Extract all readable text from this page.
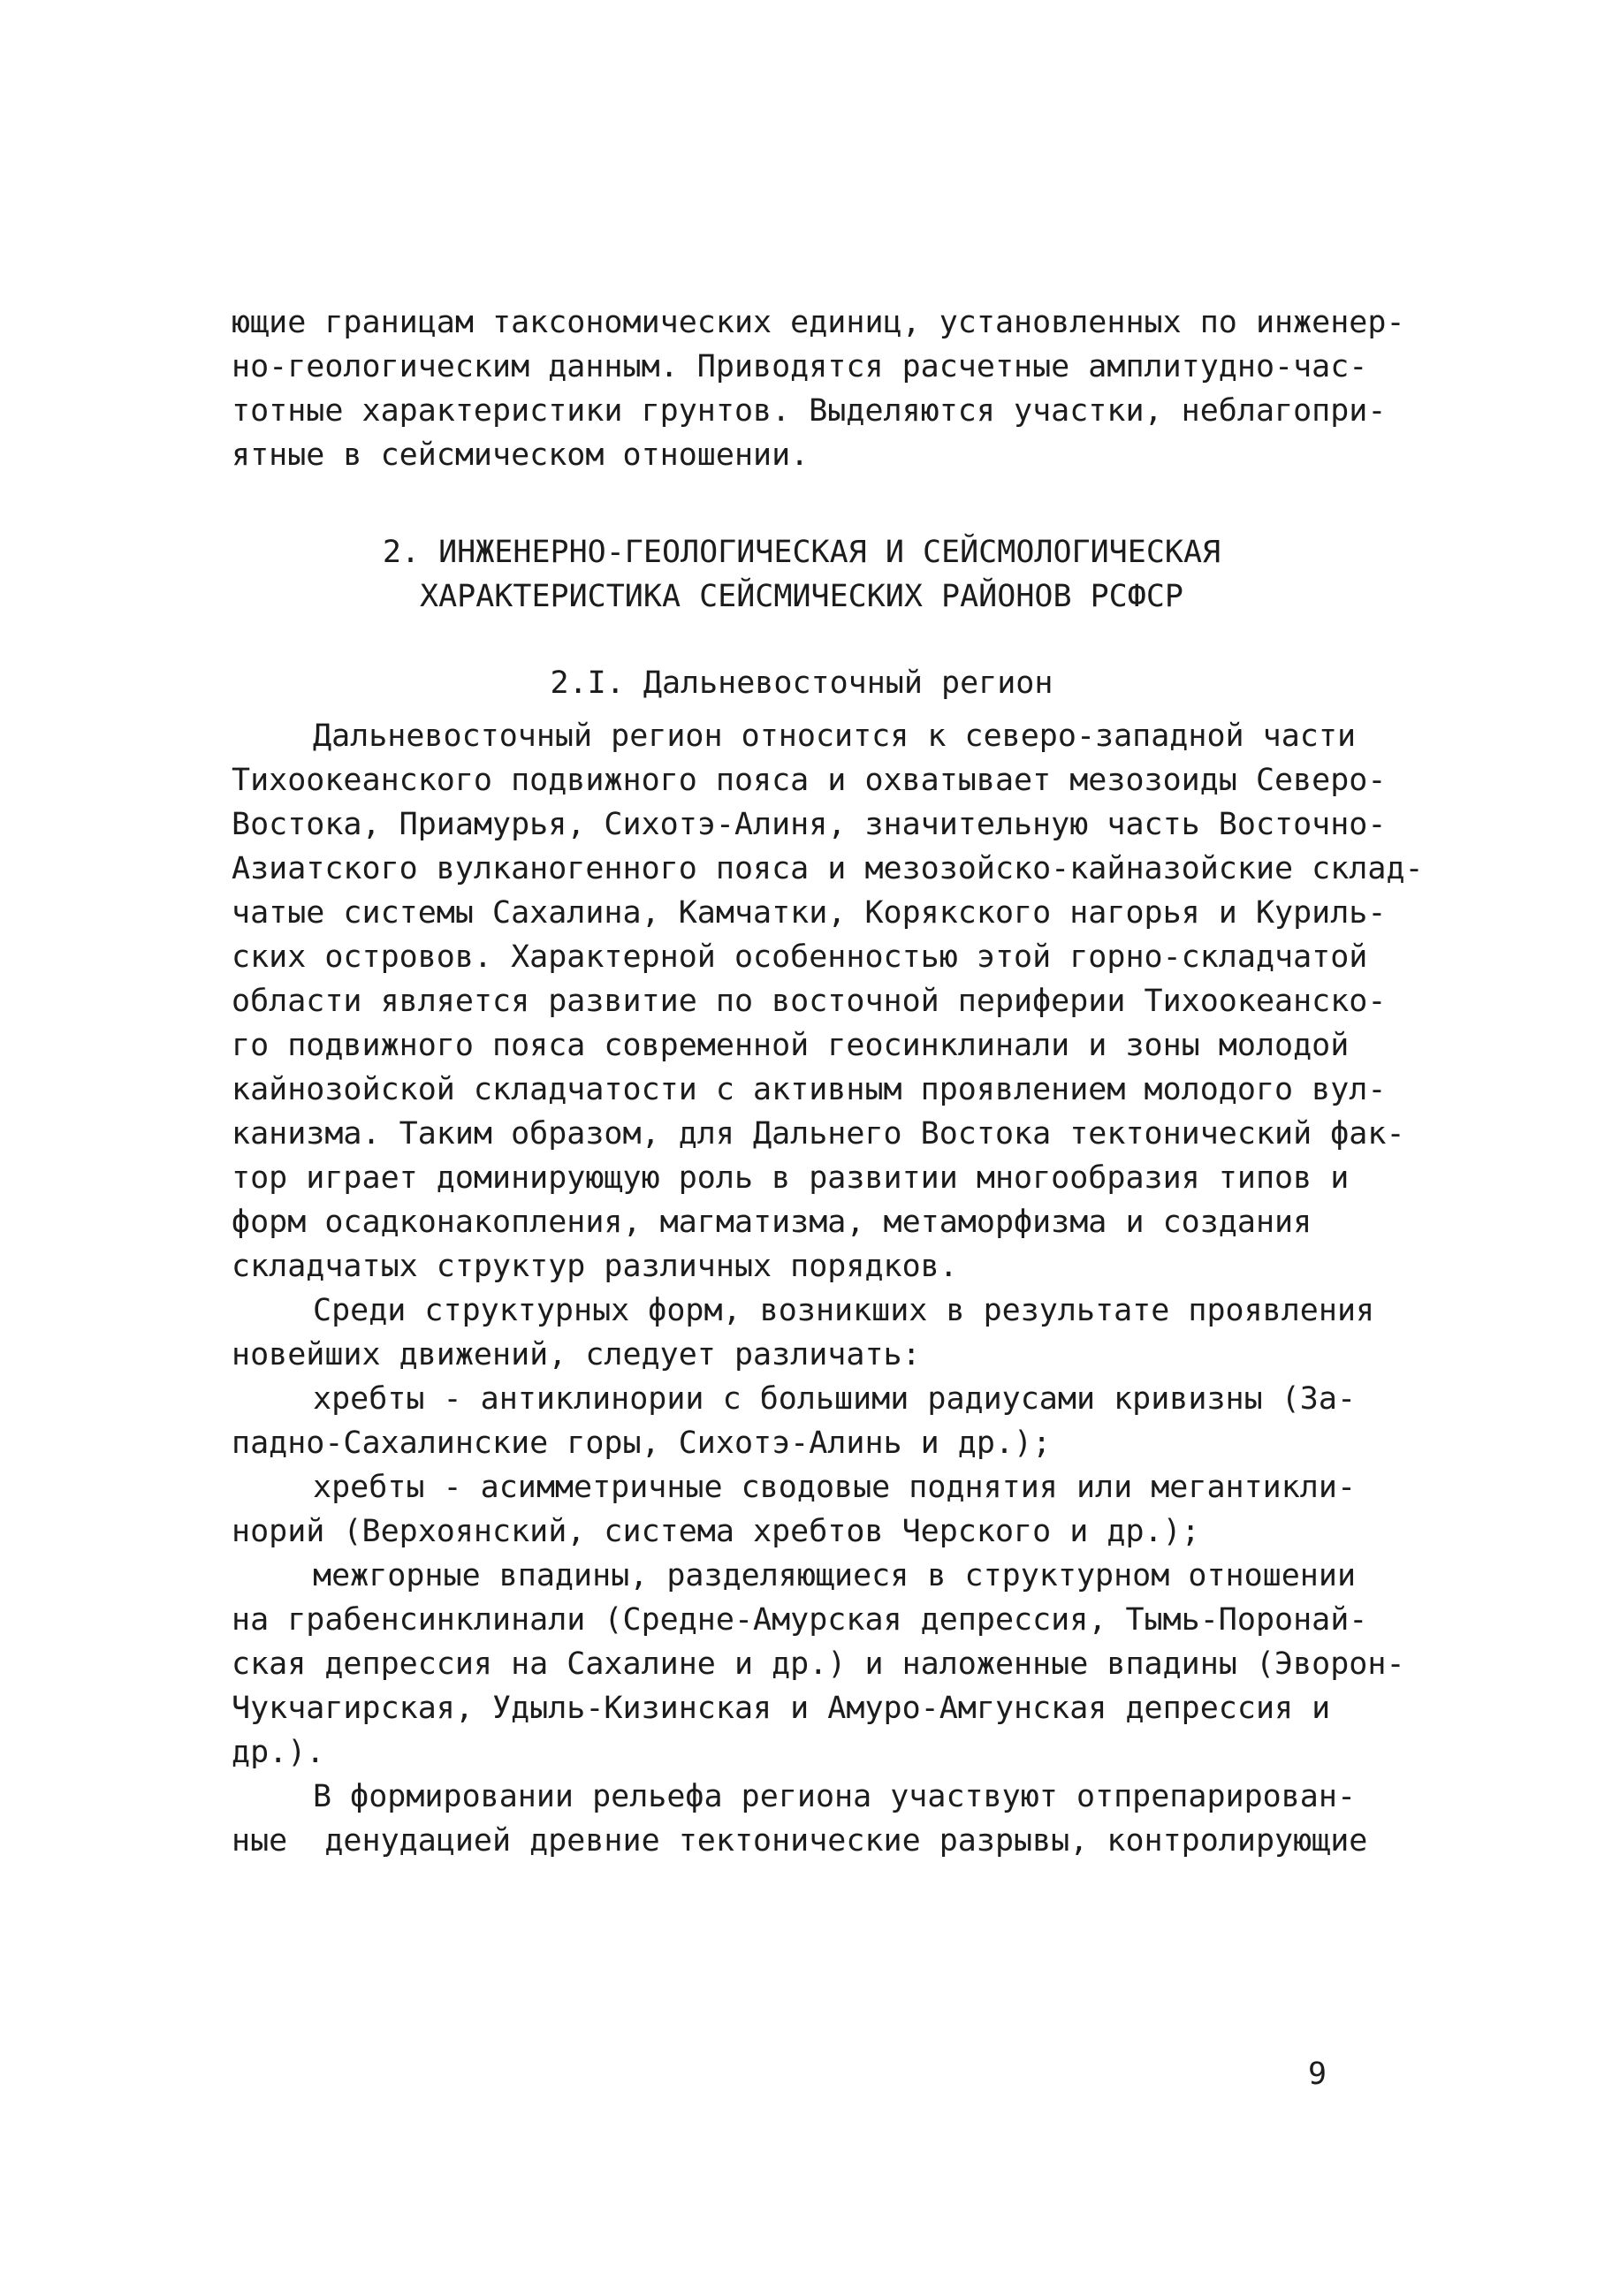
ющие границам таксономических единиц, установленных по инженер-
но-геологическим данным. Приводятся расчетные амплитудно-час-
тотные характеристики грунтов. Выделяются участки, неблагопри-
ятные в сейсмическом отношении.
2. ИНЖЕНЕРНО-ГЕОЛОГИЧЕСКАЯ И СЕЙСМОЛОГИЧЕСКАЯ
ХАРАКТЕРИСТИКА СЕЙСМИЧЕСКИХ РАЙОНОВ РСФСР
2.I. Дальневосточный регион
Дальневосточный регион относится к северо-западной части
Тихоокеанского подвижного пояса и охватывает мезозоиды Северо-
Востока, Приамурья, Сихотэ-Алиня, значительную часть Восточно-
Азиатского вулканогенного пояса и мезозойско-кайназойские склад-
чатые системы Сахалина, Камчатки, Корякского нагорья и Куриль-
ских островов. Характерной особенностью этой горно-складчатой
области является развитие по восточной периферии Тихоокеанско-
го подвижного пояса современной геосинклинали и зоны молодой
кайнозойской складчатости с активным проявлением молодого вул-
канизма. Таким образом, для Дальнего Востока тектонический фак-
тор играет доминирующую роль в развитии многообразия типов и
форм осадконакопления, магматизма, метаморфизма и создания
складчатых структур различных порядков.
Среди структурных форм, возникших в результате проявления
новейших движений, следует различать:
хребты - антиклинории с большими радиусами кривизны (За-
падно-Сахалинские горы, Сихотэ-Алинь и др.);
хребты - асимметричные сводовые поднятия или мегантикли-
норий (Верхоянский, система хребтов Черского и др.);
межгорные впадины, разделяющиеся в структурном отношении
на грабенсинклинали (Средне-Амурская депрессия, Тымь-Поронай-
ская депрессия на Сахалине и др.) и наложенные впадины (Эворон-
Чукчагирская, Удыль-Кизинская и Амуро-Амгунская депрессия и
др.).
В формировании рельефа региона участвуют отпрепарирован-
ные  денудацией древние тектонические разрывы, контролирующие
9
